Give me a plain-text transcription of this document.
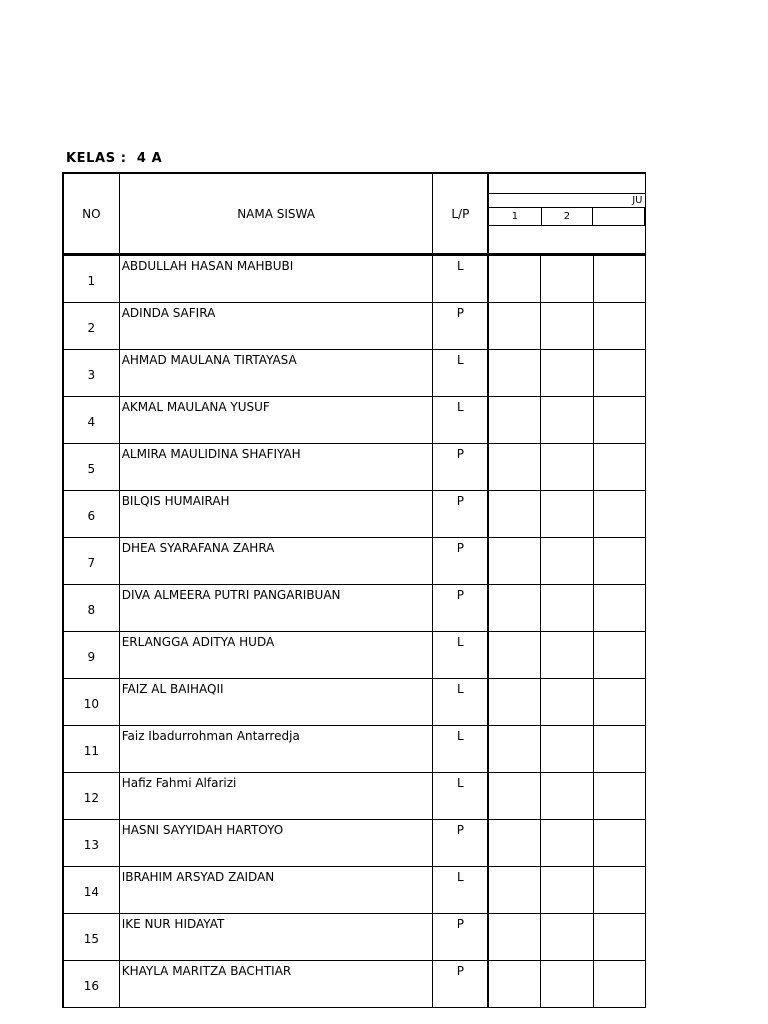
KELAS :  4 A
NO	NAMA SISWA	L/P	

JU
1	2	

1	ABDULLAH HASAN MAHBUBI	L			
2	ADINDA SAFIRA	P			
3	AHMAD MAULANA TIRTAYASA	L			
4	AKMAL MAULANA YUSUF	L			
5	ALMIRA MAULIDINA SHAFIYAH	P			
6	BILQIS HUMAIRAH	P			
7	DHEA SYARAFANA ZAHRA	P			
8	DIVA ALMEERA PUTRI PANGARIBUAN	P			
9	ERLANGGA ADITYA HUDA	L			
10	FAIZ AL BAIHAQII	L			
11	Faiz Ibadurrohman Antarredja	L			
12	Hafiz Fahmi Alfarizi	L			
13	HASNI SAYYIDAH HARTOYO	P			
14	IBRAHIM ARSYAD ZAIDAN	L			
15	IKE NUR HIDAYAT	P			
16	KHAYLA MARITZA BACHTIAR	P			
